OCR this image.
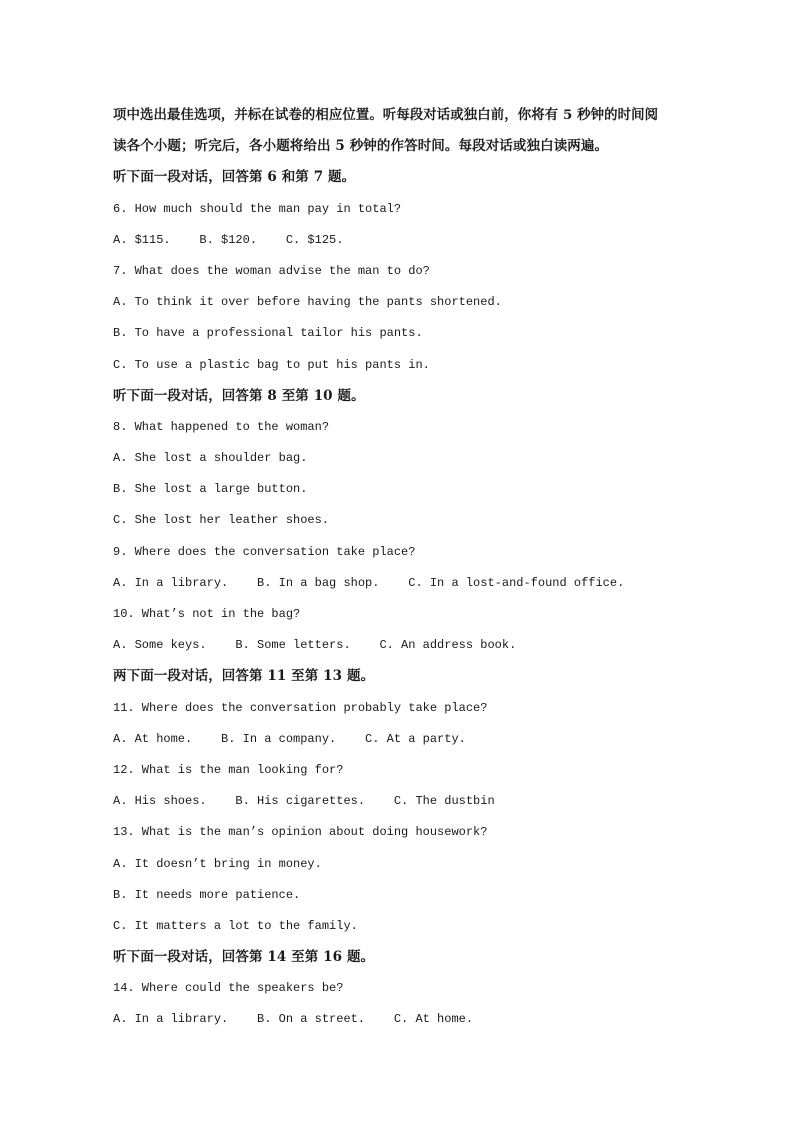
项中选出最佳选项，并标在试卷的相应位置。听每段对话或独白前，你将有 5 秒钟的时间阅
读各个小题；听完后，各小题将给出 5 秒钟的作答时间。每段对话或独白读两遍。
听下面一段对话，回答第 6 和第 7 题。
6. How much should the man pay in total?
A. $115.    B. $120.    C. $125.
7. What does the woman advise the man to do?
A. To think it over before having the pants shortened.
B. To have a professional tailor his pants.
C. To use a plastic bag to put his pants in.
听下面一段对话，回答第 8 至第 10 题。
8. What happened to the woman?
A. She lost a shoulder bag.
B. She lost a large button.
C. She lost her leather shoes.
9. Where does the conversation take place?
A. In a library.    B. In a bag shop.    C. In a lost-and-found office.
10. What’s not in the bag?
A. Some keys.    B. Some letters.    C. An address book.
两下面一段对话，回答第 11 至第 13 题。
11. Where does the conversation probably take place?
A. At home.    B. In a company.    C. At a party.
12. What is the man looking for?
A. His shoes.    B. His cigarettes.    C. The dustbin
13. What is the man’s opinion about doing housework?
A. It doesn’t bring in money.
B. It needs more patience.
C. It matters a lot to the family.
听下面一段对话，回答第 14 至第 16 题。
14. Where could the speakers be?
A. In a library.    B. On a street.    C. At home.
